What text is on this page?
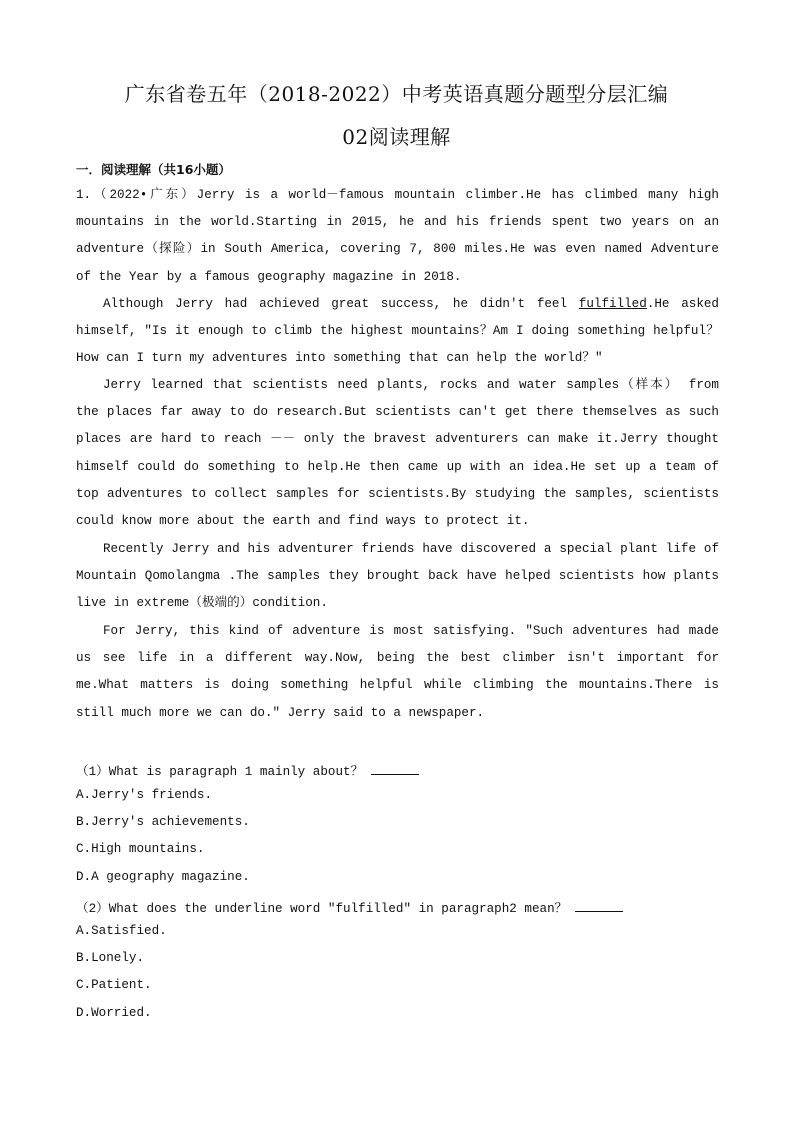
广东省卷五年（2018-2022）中考英语真题分题型分层汇编
02阅读理解
一．阅读理解（共16小题）
1.（2022•广东）Jerry is a world－famous mountain climber.He has climbed many high mountains in the world.Starting in 2015, he and his friends spent two years on an adventure（探险）in South America, covering 7, 800 miles.He was even named Adventure of the Year by a famous geography magazine in 2018.
Although Jerry had achieved great success, he didn't feel fulfilled.He asked himself, "Is it enough to climb the highest mountains？Am I doing something helpful？How can I turn my adventures into something that can help the world？"
Jerry learned that scientists need plants, rocks and water samples（样本） from the places far away to do research.But scientists can't get there themselves as such places are hard to reach －－ only the bravest adventurers can make it.Jerry thought himself could do something to help.He then came up with an idea.He set up a team of top adventures to collect samples for scientists.By studying the samples, scientists could know more about the earth and find ways to protect it.
Recently Jerry and his adventurer friends have discovered a special plant life of Mountain Qomolangma .The samples they brought back have helped scientists how plants live in extreme（极端的）condition.
For Jerry, this kind of adventure is most satisfying. "Such adventures had made us see life in a different way.Now, being the best climber isn't important for me.What matters is doing something helpful while climbing the mountains.There is still much more we can do." Jerry said to a newspaper.
（1）What is paragraph 1 mainly about？
A.Jerry's friends.
B.Jerry's achievements.
C.High mountains.
D.A geography magazine.
（2）What does the underline word "fulfilled" in paragraph2 mean？
A.Satisfied.
B.Lonely.
C.Patient.
D.Worried.
